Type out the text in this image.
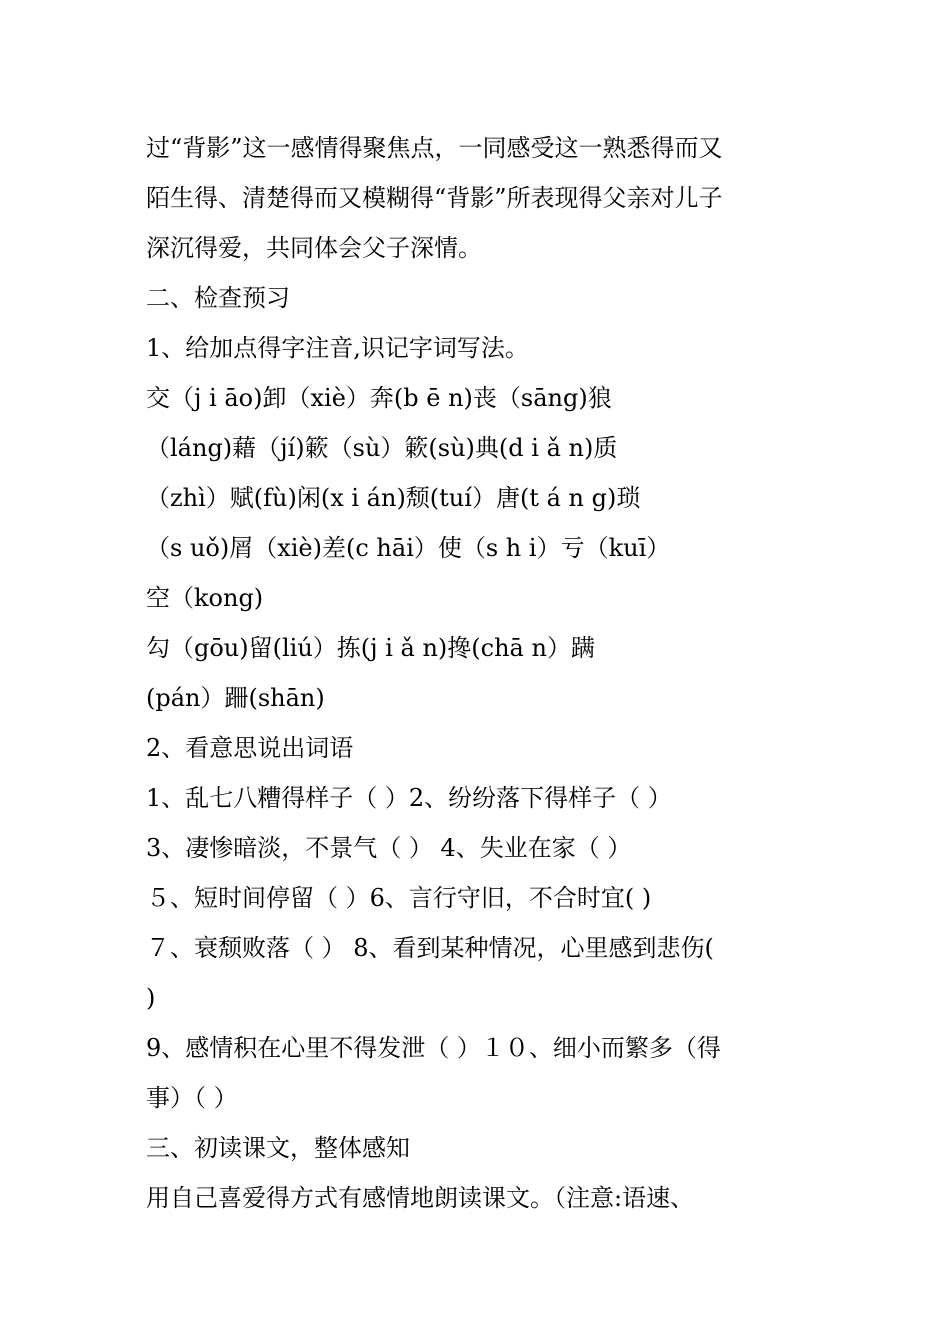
过“背影”这一感情得聚焦点，一同感受这一熟悉得而又
陌生得、清楚得而又模糊得“背影”所表现得父亲对儿子
深沉得爱，共同体会父子深情。
二、检查预习
1、给加点得字注音,识记字词写法。
交（j i āo)卸（xiè）奔(b ē n)丧（sāng)狼
（láng)藉（jí)簌（sù）簌(sù)典(d i ǎ n)质
（zhì）赋(fù)闲(x i án)颓(tuí）唐(t á n g)琐
（s uǒ)屑（xiè)差(c hāi）使（s h i）亏（kuī）
空（kong)
勾（gōu)留(liú）拣(j i ǎ n)搀(chā n）蹒
(pán）跚(shān)
2、看意思说出词语
1、乱七八糟得样子（ ）2、纷纷落下得样子（ ）
3、凄惨暗淡，不景气（ ） 4、失业在家（ ）
５、短时间停留（ ）6、言行守旧，不合时宜( )
７、衰颓败落（ ） 8、看到某种情况，心里感到悲伤(
)
9、感情积在心里不得发泄（ ）１０、细小而繁多（得
事）（ ）
三、初读课文，整体感知
用自己喜爱得方式有感情地朗读课文。（注意:语速、
